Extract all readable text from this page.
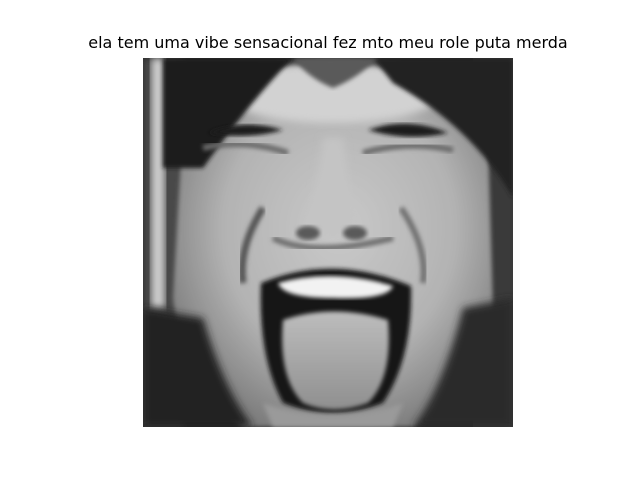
ela tem uma vibe sensacional fez mto meu role puta merda
